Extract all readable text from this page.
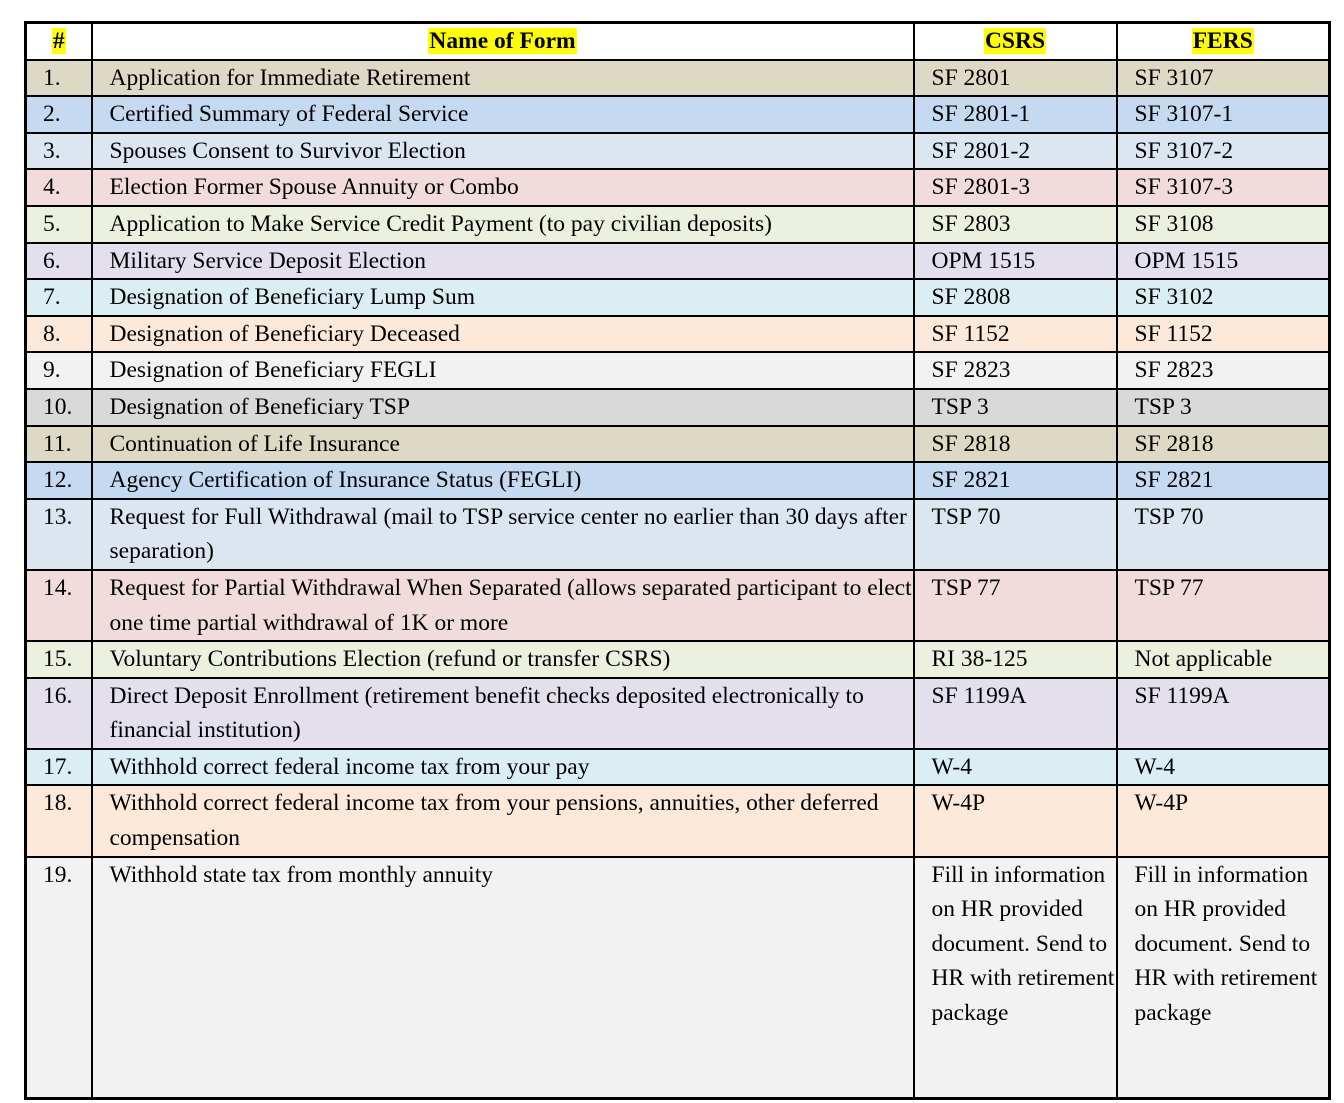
#	Name of Form	CSRS	FERS
1.	Application for Immediate Retirement	SF 2801	SF 3107
2.	Certified Summary of Federal Service	SF 2801-1	SF 3107-1
3.	Spouses Consent to Survivor Election	SF 2801-2	SF 3107-2
4.	Election Former Spouse Annuity or Combo	SF 2801-3	SF 3107-3
5.	Application to Make Service Credit Payment (to pay civilian deposits)	SF 2803	SF 3108
6.	Military Service Deposit Election	OPM 1515	OPM 1515
7.	Designation of Beneficiary Lump Sum	SF 2808	SF 3102
8.	Designation of Beneficiary Deceased	SF 1152	SF 1152
9.	Designation of Beneficiary FEGLI	SF 2823	SF 2823
10.	Designation of Beneficiary TSP	TSP 3	TSP 3
11.	Continuation of Life Insurance	SF 2818	SF 2818
12.	Agency Certification of Insurance Status (FEGLI)	SF 2821	SF 2821
13.	Request for Full Withdrawal (mail to TSP service center no earlier than 30 days after separation)	TSP 70	TSP 70
14.	Request for Partial Withdrawal When Separated (allows separated participant to elect one time partial withdrawal of 1K or more	TSP 77	TSP 77
15.	Voluntary Contributions Election (refund or transfer CSRS)	RI 38-125	Not applicable
16.	Direct Deposit Enrollment (retirement benefit checks deposited electronically to financial institution)	SF 1199A	SF 1199A
17.	Withhold correct federal income tax from your pay	W-4	W-4
18.	Withhold correct federal income tax from your pensions, annuities, other deferred compensation	W-4P	W-4P
19.	Withhold state tax from monthly annuity	Fill in information on HR provided document. Send to HR with retirement package	Fill in information on HR provided document. Send to HR with retirement package
